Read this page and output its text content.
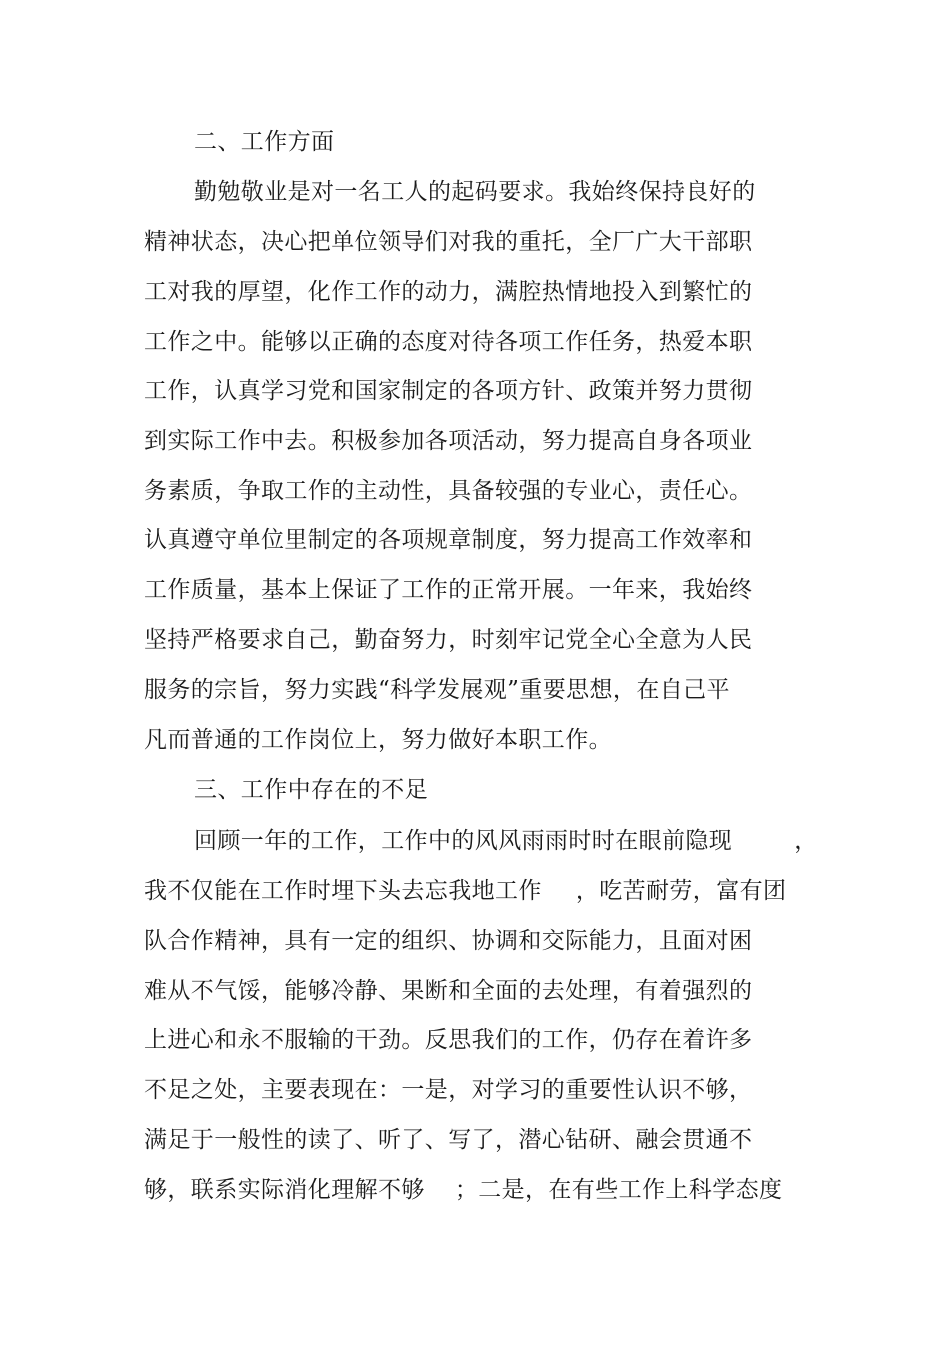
二、工作方面
勤勉敬业是对一名工人的起码要求。我始终保持良好的
精神状态，决心把单位领导们对我的重托，全厂广大干部职
工对我的厚望，化作工作的动力，满腔热情地投入到繁忙的
工作之中。能够以正确的态度对待各项工作任务，热爱本职
工作，认真学习党和国家制定的各项方针、政策并努力贯彻
到实际工作中去。积极参加各项活动，努力提高自身各项业
务素质，争取工作的主动性，具备较强的专业心，责任心。
认真遵守单位里制定的各项规章制度，努力提高工作效率和
工作质量，基本上保证了工作的正常开展。一年来，我始终
坚持严格要求自己，勤奋努力，时刻牢记党全心全意为人民
服务的宗旨，努力实践“科学发展观”重要思想，在自己平
凡而普通的工作岗位上，努力做好本职工作。
三、工作中存在的不足
回顾一年的工作，工作中的风风雨雨时时在眼前隐现	，
我不仅能在工作时埋下头去忘我地工作 ，吃苦耐劳，富有团
队合作精神，具有一定的组织、协调和交际能力，且面对困
难从不气馁，能够冷静、果断和全面的去处理，有着强烈的
上进心和永不服输的干劲。反思我们的工作，仍存在着许多
不足之处，主要表现在：一是，对学习的重要性认识不够，
满足于一般性的读了、听了、写了，潜心钻研、融会贯通不
够，联系实际消化理解不够 ；二是，在有些工作上科学态度
